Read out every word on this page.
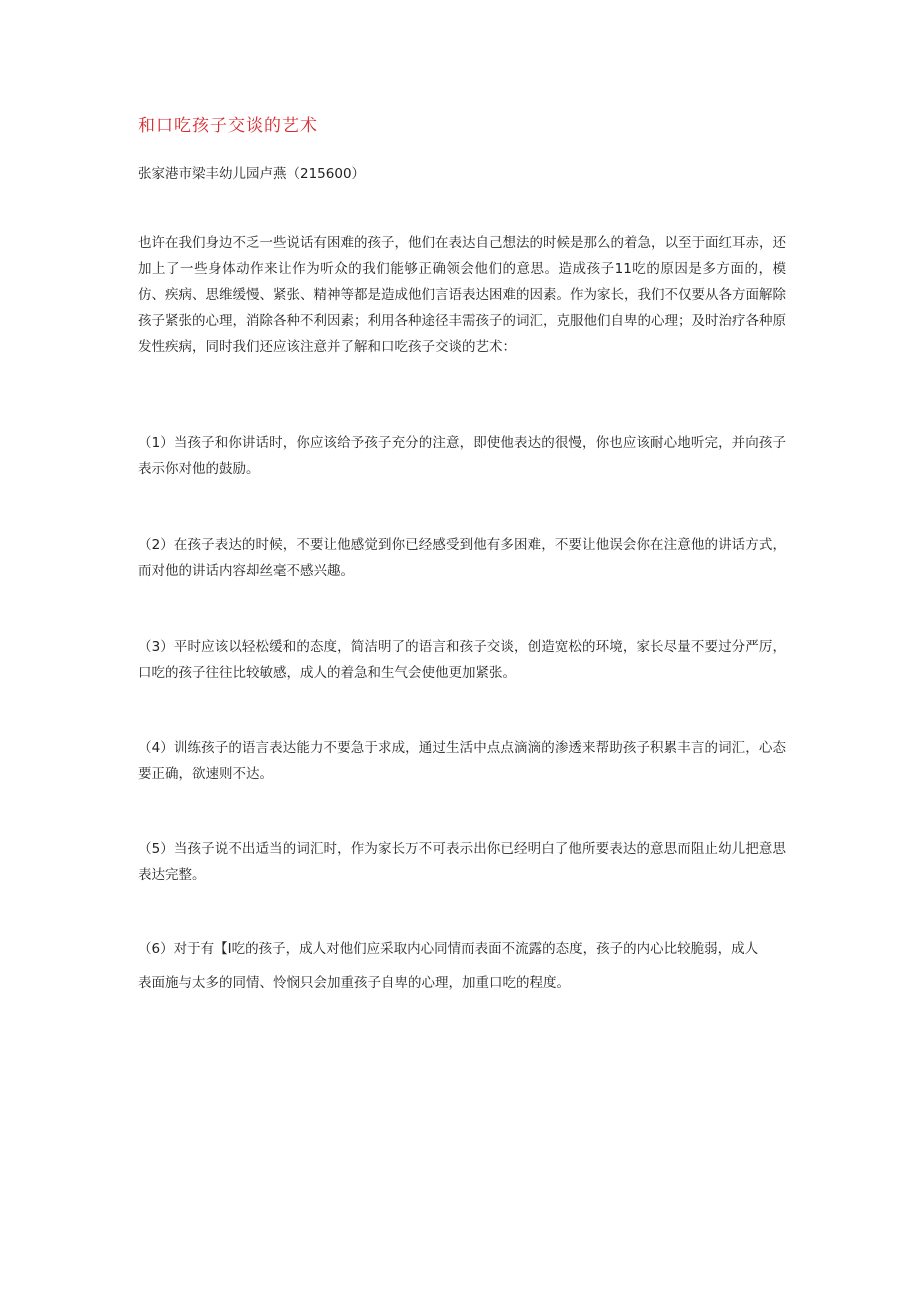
和口吃孩子交谈的艺术
张家港市梁丰幼儿园卢燕（215600）

也许在我们身边不乏一些说话有困难的孩子，他们在表达自己想法的时候是那么的着急，以至于面红耳赤，还加上了一些身体动作来让作为听众的我们能够正确领会他们的意思。造成孩子11吃的原因是多方面的，模仿、疾病、思维缓慢、紧张、精神等都是造成他们言语表达困难的因素。作为家长，我们不仅要从各方面解除孩子紧张的心理，消除各种不利因素；利用各种途径丰需孩子的词汇，克服他们自卑的心理；及时治疗各种原发性疾病，同时我们还应该注意并了解和口吃孩子交谈的艺术：

（1）当孩子和你讲话时，你应该给予孩子充分的注意，即使他表达的很慢，你也应该耐心地听完，并向孩子表示你对他的鼓励。

（2）在孩子表达的时候，不要让他感觉到你已经感受到他有多困难，不要让他误会你在注意他的讲话方式，而对他的讲话内容却丝毫不感兴趣。

（3）平时应该以轻松缓和的态度，简洁明了的语言和孩子交谈，创造宽松的环境，家长尽量不要过分严厉，口吃的孩子往往比较敏感，成人的着急和生气会使他更加紧张。

（4）训练孩子的语言表达能力不要急于求成，通过生活中点点滴滴的渗透来帮助孩子积累丰言的词汇，心态要正确，欲速则不达。

（5）当孩子说不出适当的词汇时，作为家长万不可表示出你已经明白了他所要表达的意思而阻止幼儿把意思表达完整。

（6）对于有【I吃的孩子，成人对他们应采取内心同情而表面不流露的态度，孩子的内心比较脆弱，成人

表面施与太多的同情、怜悯只会加重孩子自卑的心理，加重口吃的程度。
